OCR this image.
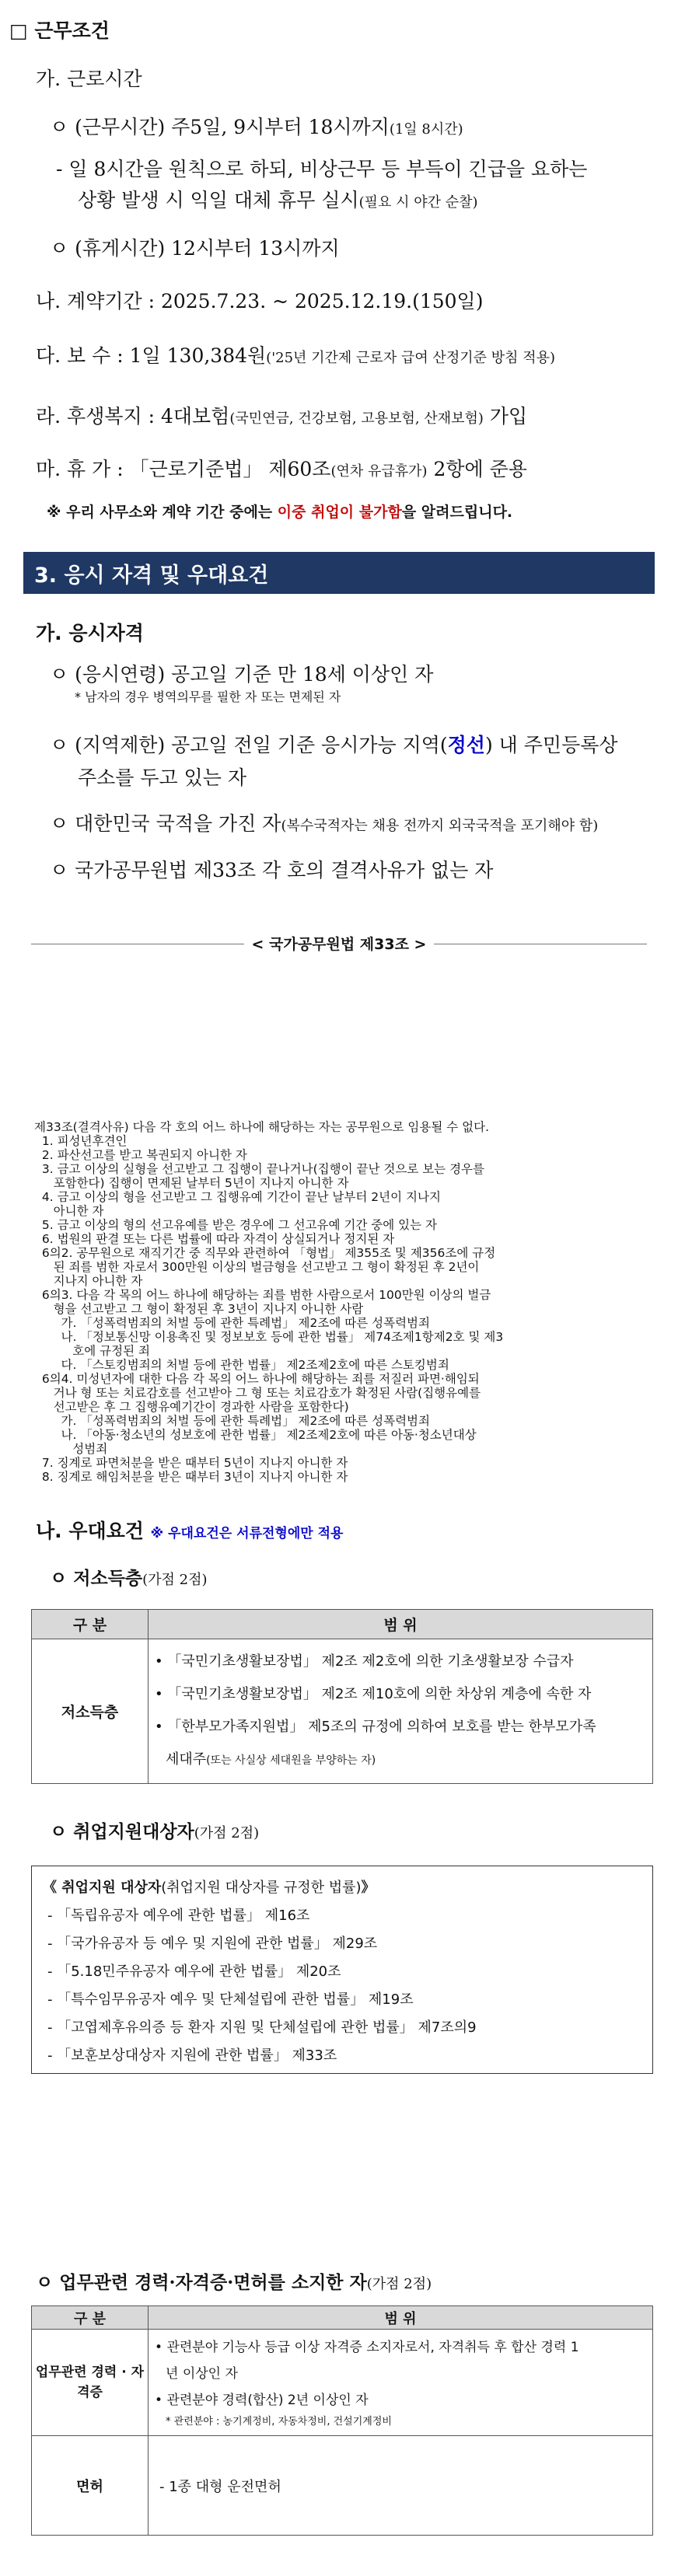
□ 근무조건
가. 근로시간
ㅇ (근무시간) 주5일, 9시부터 18시까지(1일 8시간)
- 일 8시간을 원칙으로 하되, 비상근무 등 부득이 긴급을 요하는
상황 발생 시 익일 대체 휴무 실시(필요 시 야간 순찰)
ㅇ (휴게시간) 12시부터 13시까지
나. 계약기간 : 2025.7.23. ~ 2025.12.19.(150일)
다. 보 수 : 1일 130,384원('25년 기간제 근로자 급여 산정기준 방침 적용)
라. 후생복지 : 4대보험(국민연금, 건강보험, 고용보험, 산재보험) 가입
마. 휴 가 : 「근로기준법」 제60조(연차 유급휴가) 2항에 준용
※ 우리 사무소와 계약 기간 중에는 이중 취업이 불가함을 알려드립니다.
3. 응시 자격 및 우대요건
가. 응시자격
ㅇ (응시연령) 공고일 기준 만 18세 이상인 자
* 남자의 경우 병역의무를 필한 자 또는 면제된 자
ㅇ (지역제한) 공고일 전일 기준 응시가능 지역(정선) 내 주민등록상
주소를 두고 있는 자
ㅇ 대한민국 국적을 가진 자(복수국적자는 채용 전까지 외국국적을 포기해야 함)
ㅇ 국가공무원법 제33조 각 호의 결격사유가 없는 자
< 국가공무원법 제33조 >
제33조(결격사유) 다음 각 호의 어느 하나에 해당하는 자는 공무원으로 임용될 수 없다.
1. 피성년후견인
2. 파산선고를 받고 복권되지 아니한 자
3. 금고 이상의 실형을 선고받고 그 집행이 끝나거나(집행이 끝난 것으로 보는 경우를
포함한다) 집행이 면제된 날부터 5년이 지나지 아니한 자
4. 금고 이상의 형을 선고받고 그 집행유예 기간이 끝난 날부터 2년이 지나지
아니한 자
5. 금고 이상의 형의 선고유예를 받은 경우에 그 선고유예 기간 중에 있는 자
6. 법원의 판결 또는 다른 법률에 따라 자격이 상실되거나 정지된 자
6의2. 공무원으로 재직기간 중 직무와 관련하여 「형법」 제355조 및 제356조에 규정
된 죄를 범한 자로서 300만원 이상의 벌금형을 선고받고 그 형이 확정된 후 2년이
지나지 아니한 자
6의3. 다음 각 목의 어느 하나에 해당하는 죄를 범한 사람으로서 100만원 이상의 벌금
형을 선고받고 그 형이 확정된 후 3년이 지나지 아니한 사람
가. 「성폭력범죄의 처벌 등에 관한 특례법」 제2조에 따른 성폭력범죄
나. 「정보통신망 이용촉진 및 정보보호 등에 관한 법률」 제74조제1항제2호 및 제3
호에 규정된 죄
다. 「스토킹범죄의 처벌 등에 관한 법률」 제2조제2호에 따른 스토킹범죄
6의4. 미성년자에 대한 다음 각 목의 어느 하나에 해당하는 죄를 저질러 파면·해임되
거나 형 또는 치료감호를 선고받아 그 형 또는 치료감호가 확정된 사람(집행유예를
선고받은 후 그 집행유예기간이 경과한 사람을 포함한다)
가. 「성폭력범죄의 처벌 등에 관한 특례법」 제2조에 따른 성폭력범죄
나. 「아동·청소년의 성보호에 관한 법률」 제2조제2호에 따른 아동·청소년대상
성범죄
7. 징계로 파면처분을 받은 때부터 5년이 지나지 아니한 자
8. 징계로 해임처분을 받은 때부터 3년이 지나지 아니한 자
나. 우대요건 ※ 우대요건은 서류전형에만 적용
ㅇ 저소득층(가점 2점)
구 분	범 위
저소득층	• 「국민기초생활보장법」 제2조 제2호에 의한 기초생활보장 수급자
• 「국민기초생활보장법」 제2조 제10호에 의한 차상위 계층에 속한 자
• 「한부모가족지원법」 제5조의 규정에 의하여 보호를 받는 한부모가족
세대주(또는 사실상 세대원을 부양하는 자)
ㅇ 취업지원대상자(가점 2점)
《 취업지원 대상자(취업지원 대상자를 규정한 법률)》
- 「독립유공자 예우에 관한 법률」 제16조
- 「국가유공자 등 예우 및 지원에 관한 법률」 제29조
- 「5.18민주유공자 예우에 관한 법률」 제20조
- 「특수임무유공자 예우 및 단체설립에 관한 법률」 제19조
- 「고엽제후유의증 등 환자 지원 및 단체설립에 관한 법률」 제7조의9
- 「보훈보상대상자 지원에 관한 법률」 제33조
ㅇ 업무관련 경력·자격증·면허를 소지한 자(가점 2점)
구 분	범 위
업무관련 경력 · 자격증	• 관련분야 기능사 등급 이상 자격증 소지자로서, 자격취득 후 합산 경력 1
년 이상인 자
• 관련분야 경력(합산) 2년 이상인 자
* 관련분야 : 농기계정비, 자동차정비, 건설기계정비

면허	- 1종 대형 운전면허
